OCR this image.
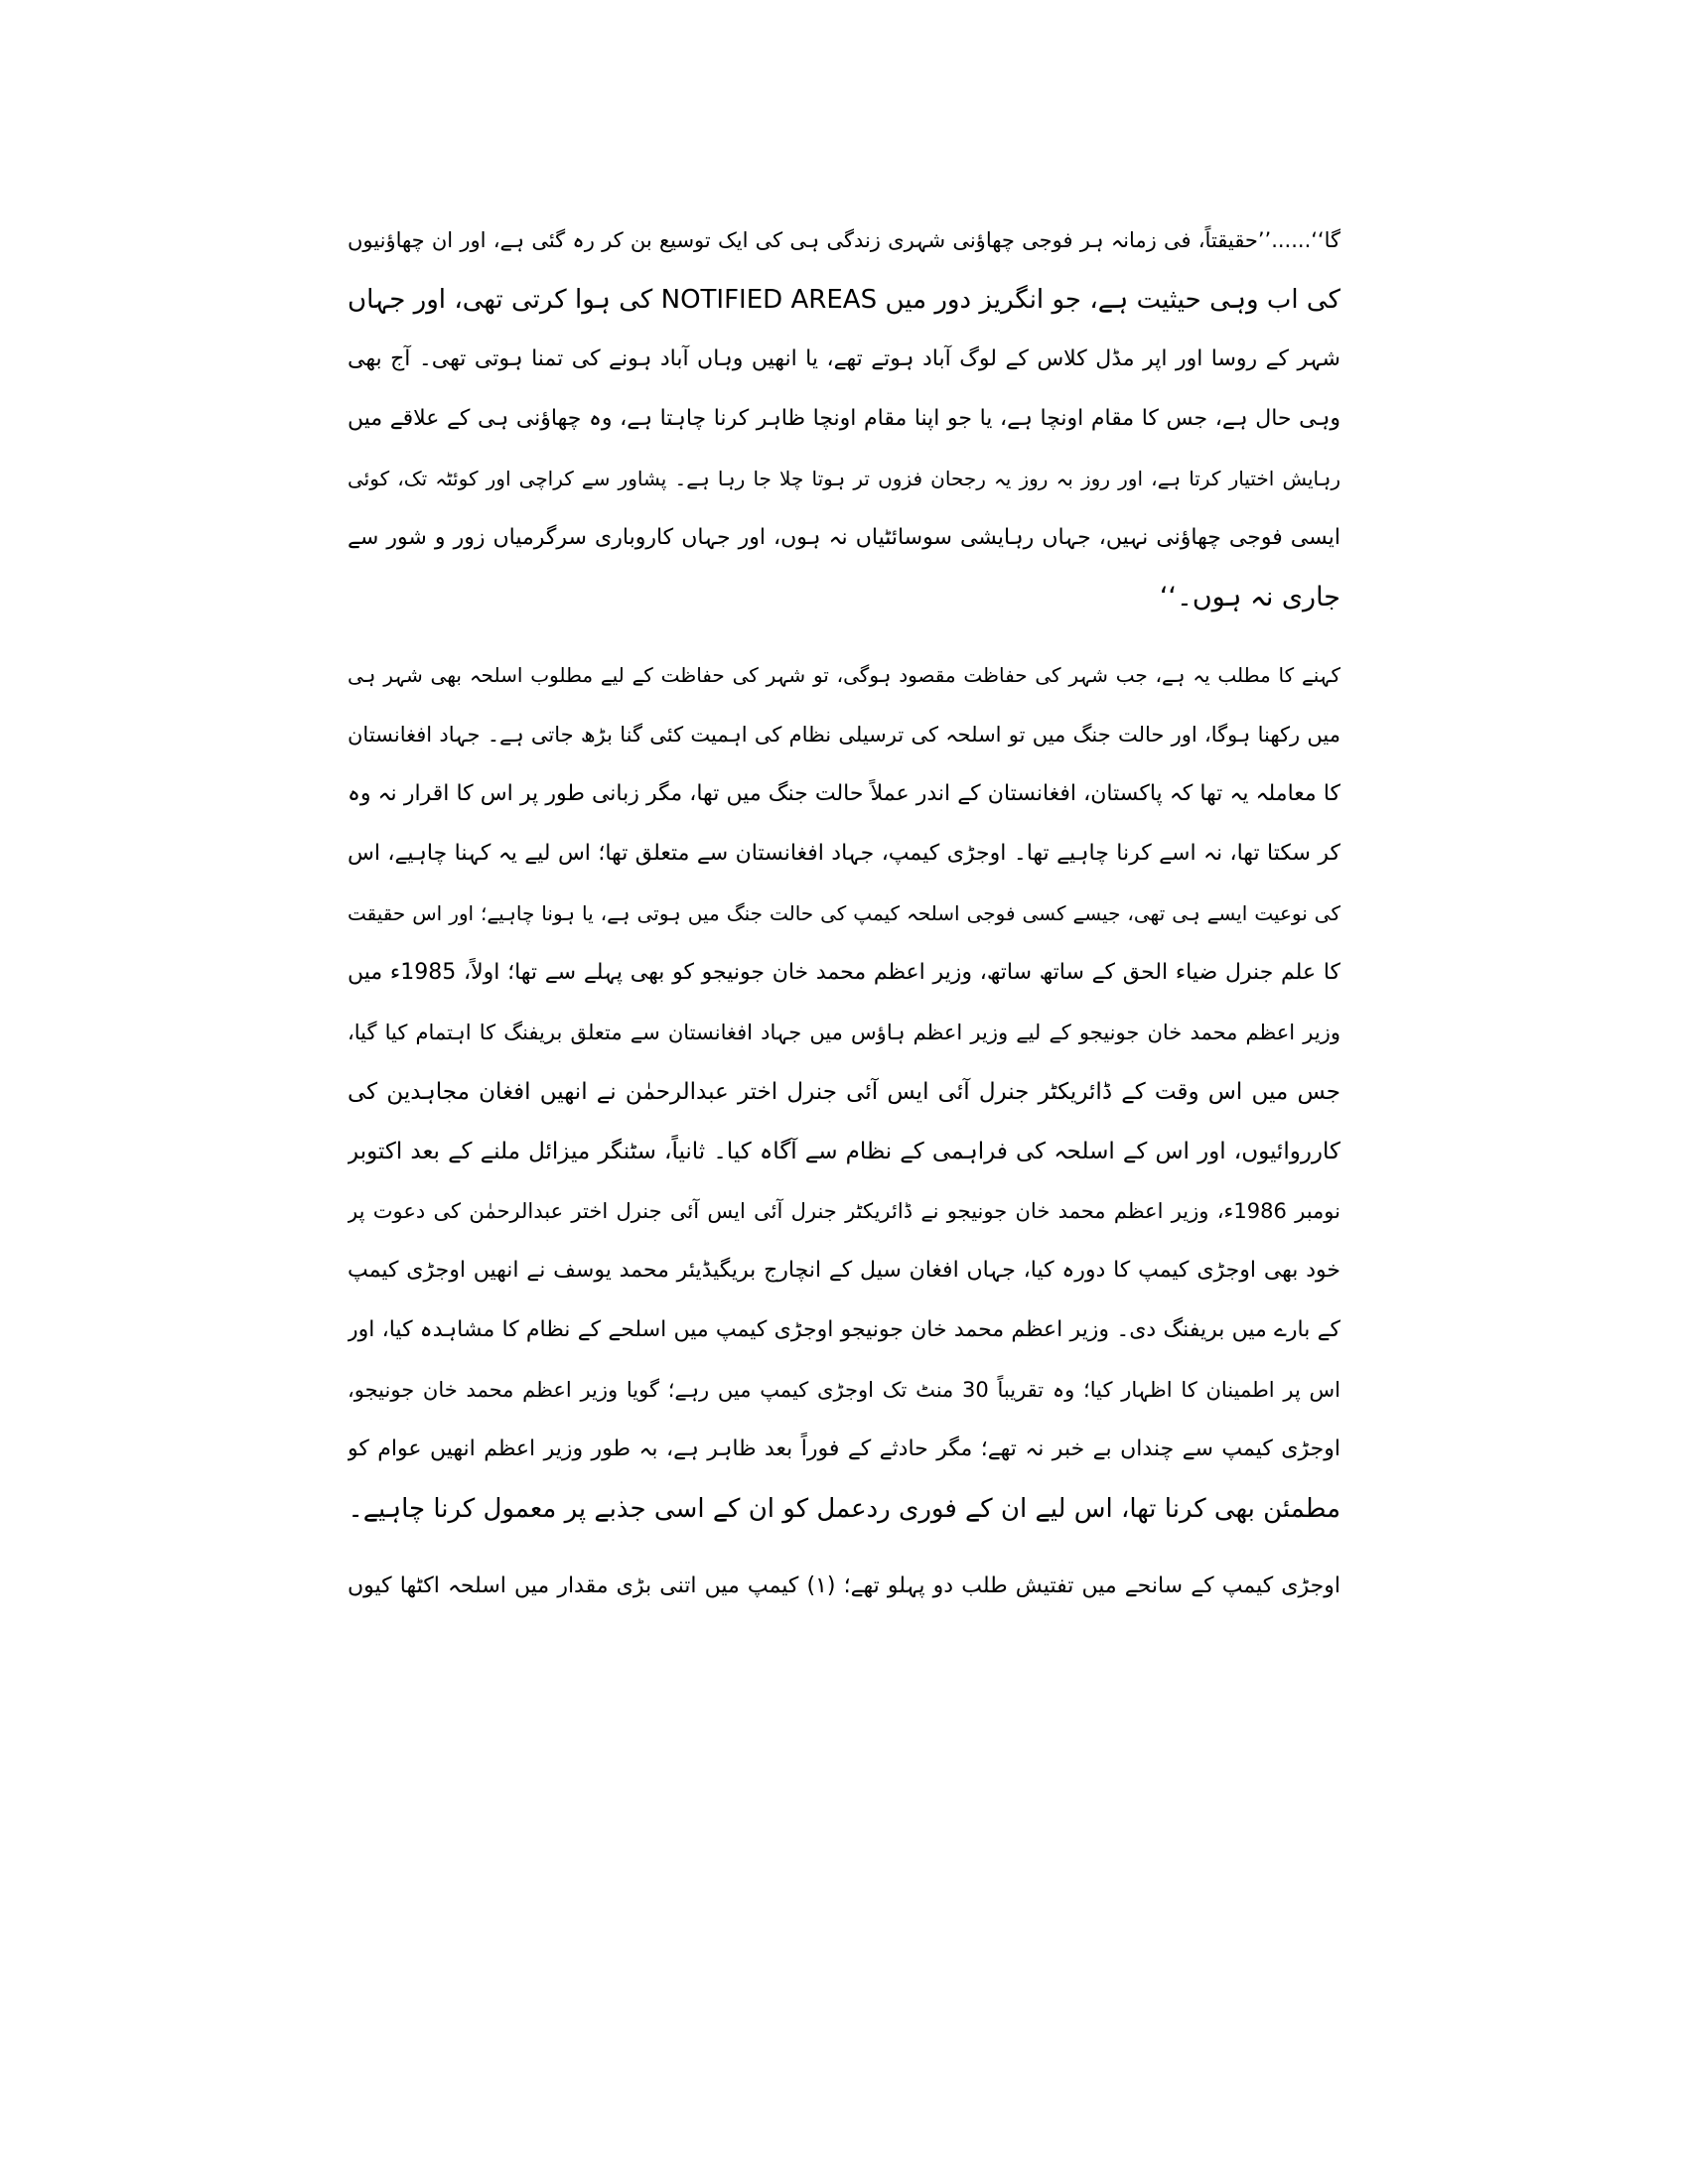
گا‘‘......’’حقیقتاً، فی زمانہ ہر فوجی چھاؤنی شہری زندگی ہی کی ایک توسیع بن کر رہ گئی ہے، اور ان چھاؤنیوں
کی اب وہی حیثیت ہے، جو انگریز دور میں NOTIFIED AREAS کی ہوا کرتی تھی، اور جہاں
شہر کے روسا اور اپر مڈل کلاس کے لوگ آباد ہوتے تھے، یا انھیں وہاں آباد ہونے کی تمنا ہوتی تھی۔ آج بھی
وہی حال ہے، جس کا مقام اونچا ہے، یا جو اپنا مقام اونچا ظاہر کرنا چاہتا ہے، وہ چھاؤنی ہی کے علاقے میں
رہایش اختیار کرتا ہے، اور روز بہ روز یہ رجحان فزوں تر ہوتا چلا جا رہا ہے۔ پشاور سے کراچی اور کوئٹہ تک، کوئی
ایسی فوجی چھاؤنی نہیں، جہاں رہایشی سوسائٹیاں نہ ہوں، اور جہاں کاروباری سرگرمیاں زور و شور سے
جاری نہ ہوں۔‘‘
کہنے کا مطلب یہ ہے، جب شہر کی حفاظت مقصود ہوگی، تو شہر کی حفاظت کے لیے مطلوب اسلحہ بھی شہر ہی
میں رکھنا ہوگا، اور حالت جنگ میں تو اسلحہ کی ترسیلی نظام کی اہمیت کئی گنا بڑھ جاتی ہے۔ جہاد افغانستان
کا معاملہ یہ تھا کہ پاکستان، افغانستان کے اندر عملاً حالت جنگ میں تھا، مگر زبانی طور پر اس کا اقرار نہ وہ
کر سکتا تھا، نہ اسے کرنا چاہیے تھا۔ اوجڑی کیمپ، جہاد افغانستان سے متعلق تھا؛ اس لیے یہ کہنا چاہیے، اس
کی نوعیت ایسے ہی تھی، جیسے کسی فوجی اسلحہ کیمپ کی حالت جنگ میں ہوتی ہے، یا ہونا چاہیے؛ اور اس حقیقت
کا علم جنرل ضیاء الحق کے ساتھ ساتھ، وزیر اعظم محمد خان جونیجو کو بھی پہلے سے تھا؛ اولاً، 1985ء میں
وزیر اعظم محمد خان جونیجو کے لیے وزیر اعظم ہاؤس میں جہاد افغانستان سے متعلق بریفنگ کا اہتمام کیا گیا،
جس میں اس وقت کے ڈائریکٹر جنرل آئی ایس آئی جنرل اختر عبدالرحمٰن نے انھیں افغان مجاہدین کی
کارروائیوں، اور اس کے اسلحہ کی فراہمی کے نظام سے آگاہ کیا۔ ثانیاً، سٹنگر میزائل ملنے کے بعد اکتوبر
نومبر 1986ء، وزیر اعظم محمد خان جونیجو نے ڈائریکٹر جنرل آئی ایس آئی جنرل اختر عبدالرحمٰن کی دعوت پر
خود بھی اوجڑی کیمپ کا دورہ کیا، جہاں افغان سیل کے انچارج بریگیڈیئر محمد یوسف نے انھیں اوجڑی کیمپ
کے بارے میں بریفنگ دی۔ وزیر اعظم محمد خان جونیجو اوجڑی کیمپ میں اسلحے کے نظام کا مشاہدہ کیا، اور
اس پر اطمینان کا اظہار کیا؛ وہ تقریباً 30 منٹ تک اوجڑی کیمپ میں رہے؛ گویا وزیر اعظم محمد خان جونیجو،
اوجڑی کیمپ سے چنداں بے خبر نہ تھے؛ مگر حادثے کے فوراً بعد ظاہر ہے، بہ طور وزیر اعظم انھیں عوام کو
مطمئن بھی کرنا تھا، اس لیے ان کے فوری ردعمل کو ان کے اسی جذبے پر معمول کرنا چاہیے۔
اوجڑی کیمپ کے سانحے میں تفتیش طلب دو پہلو تھے؛ (۱) کیمپ میں اتنی بڑی مقدار میں اسلحہ اکٹھا کیوں
